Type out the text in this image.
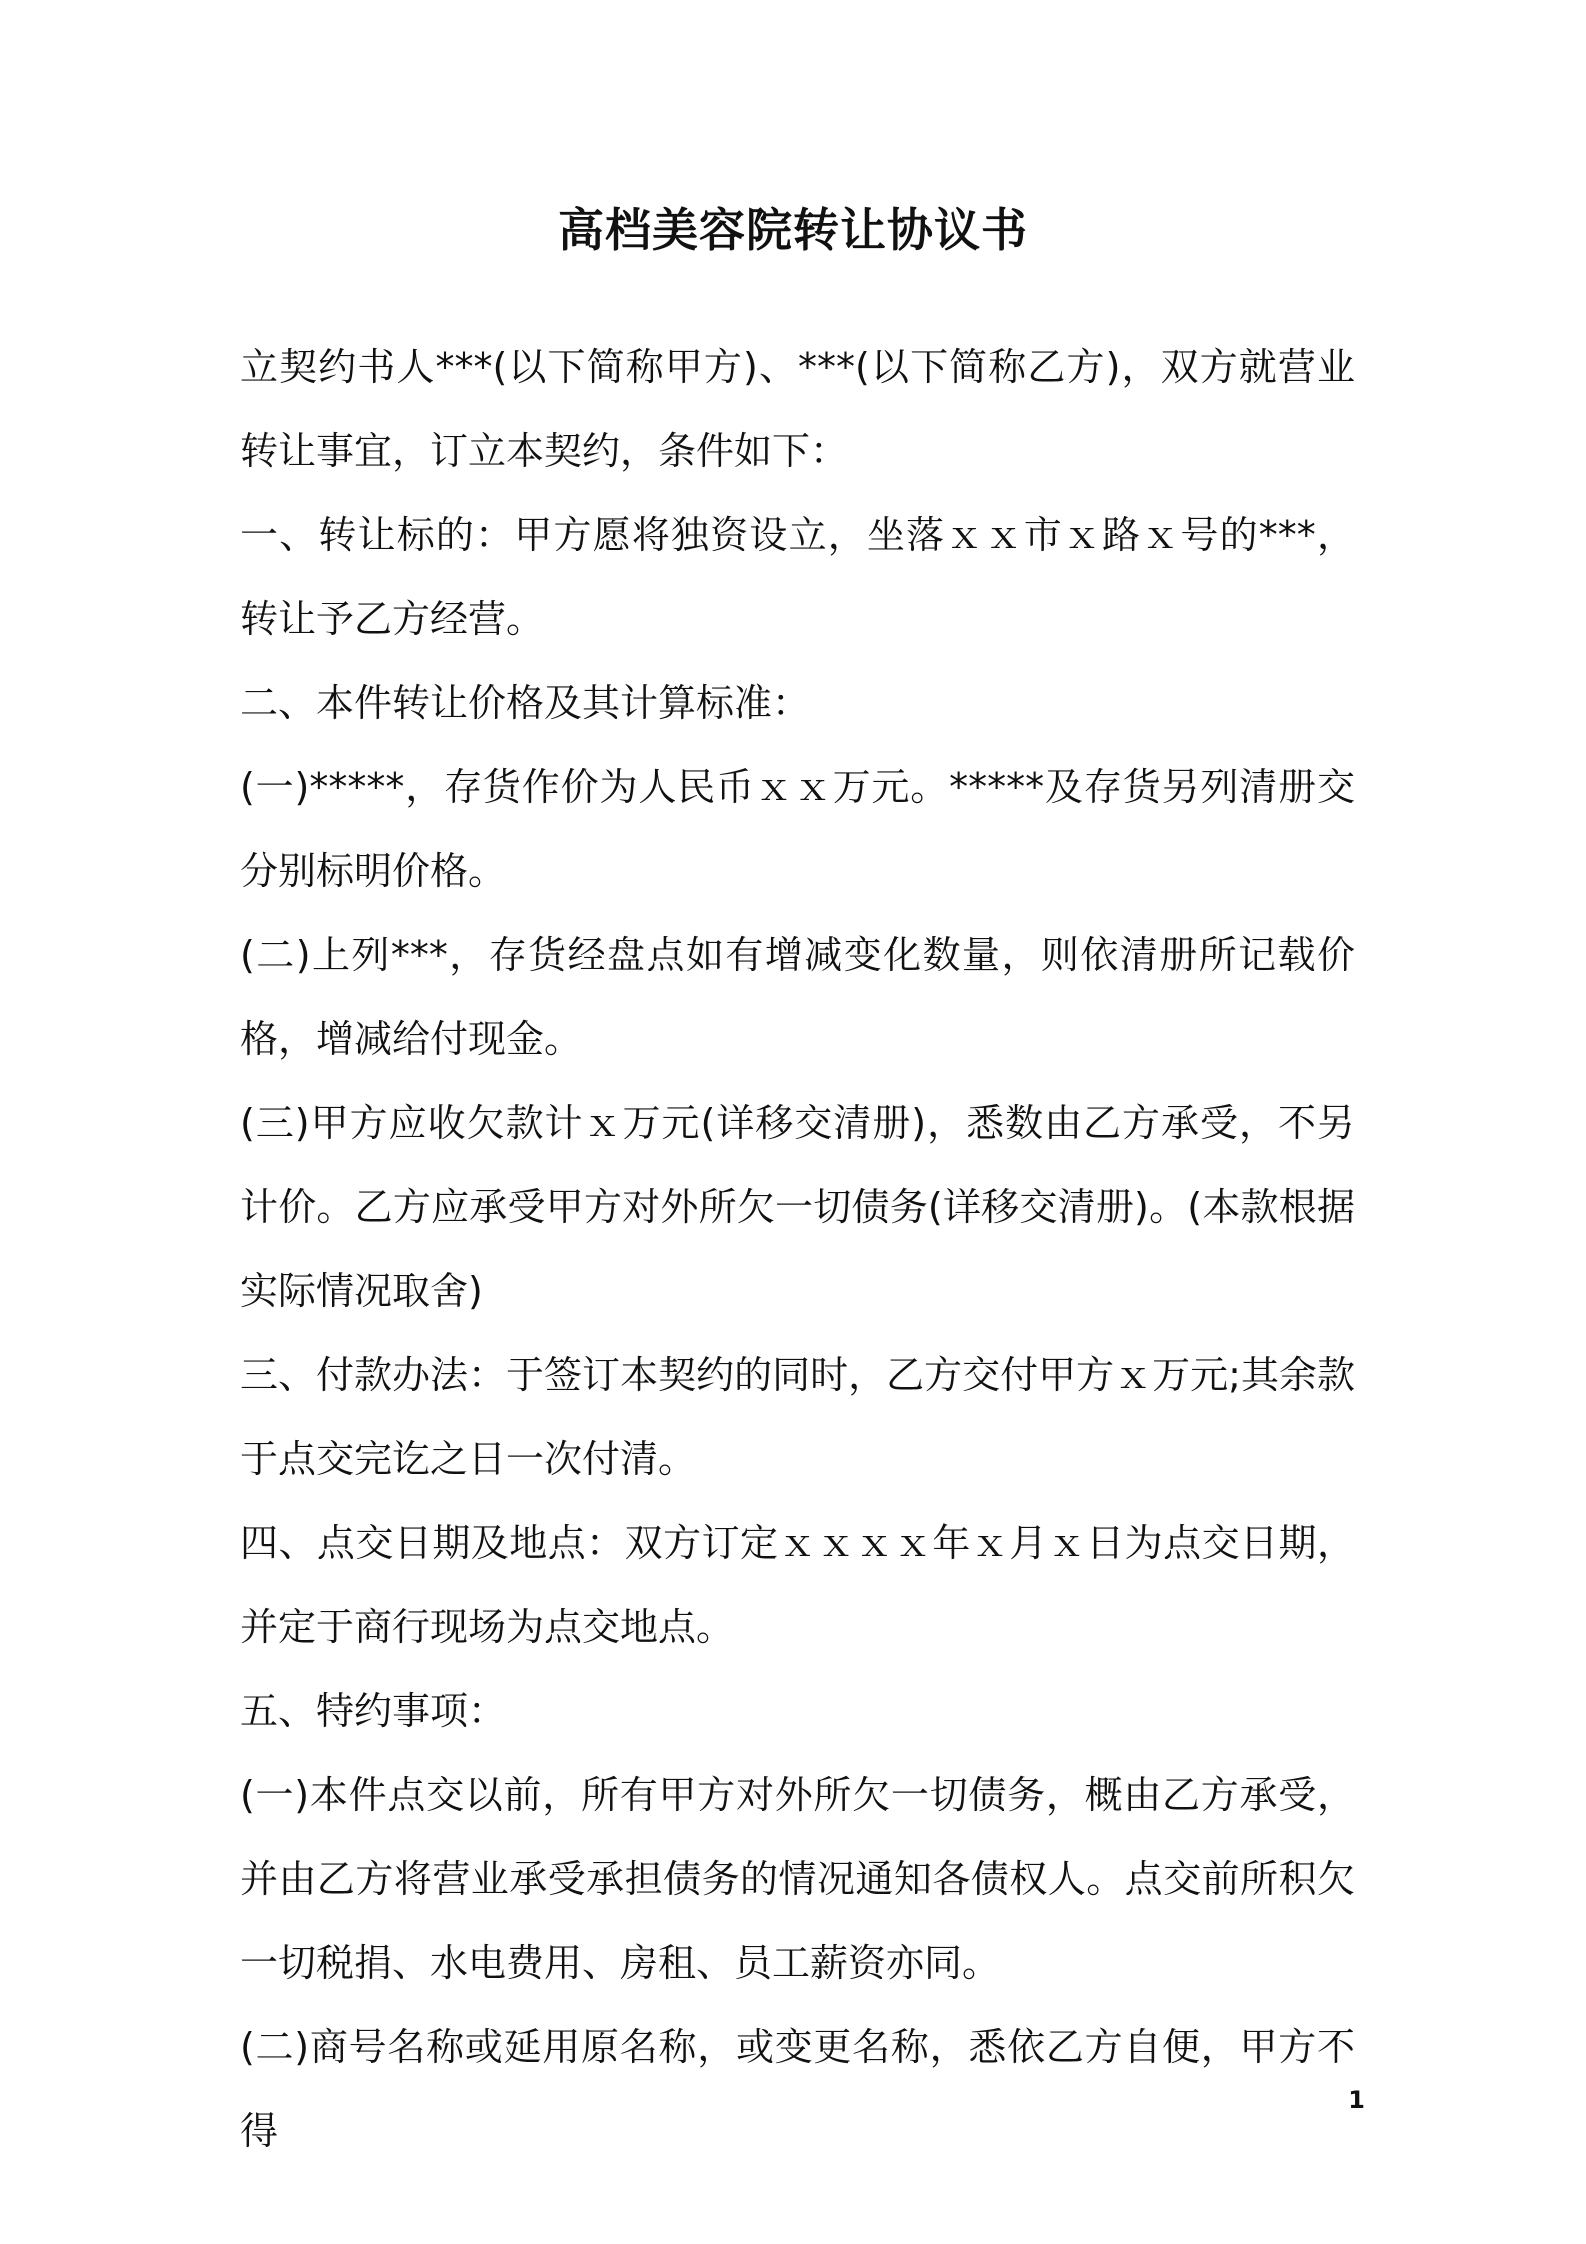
高档美容院转让协议书

立契约书人***(以下简称甲方)、***(以下简称乙方)，双方就营业转让事宜，订立本契约，条件如下：

一、转让标的：甲方愿将独资设立，坐落ｘｘ市ｘ路ｘ号的***，转让予乙方经营。

二、本件转让价格及其计算标准：

(一)*****，存货作价为人民币ｘｘ万元。*****及存货另列清册交分别标明价格。

(二)上列***，存货经盘点如有增减变化数量，则依清册所记载价格，增减给付现金。

(三)甲方应收欠款计ｘ万元(详移交清册)，悉数由乙方承受，不另计价。乙方应承受甲方对外所欠一切债务(详移交清册)。(本款根据实际情况取舍)

三、付款办法：于签订本契约的同时，乙方交付甲方ｘ万元;其余款于点交完讫之日一次付清。

四、点交日期及地点：双方订定ｘｘｘｘ年ｘ月ｘ日为点交日期，并定于商行现场为点交地点。

五、特约事项：

(一)本件点交以前，所有甲方对外所欠一切债务，概由乙方承受，并由乙方将营业承受承担债务的情况通知各债权人。点交前所积欠一切税捐、水电费用、房租、员工薪资亦同。

(二)商号名称或延用原名称，或变更名称，悉依乙方自便，甲方不得

1
